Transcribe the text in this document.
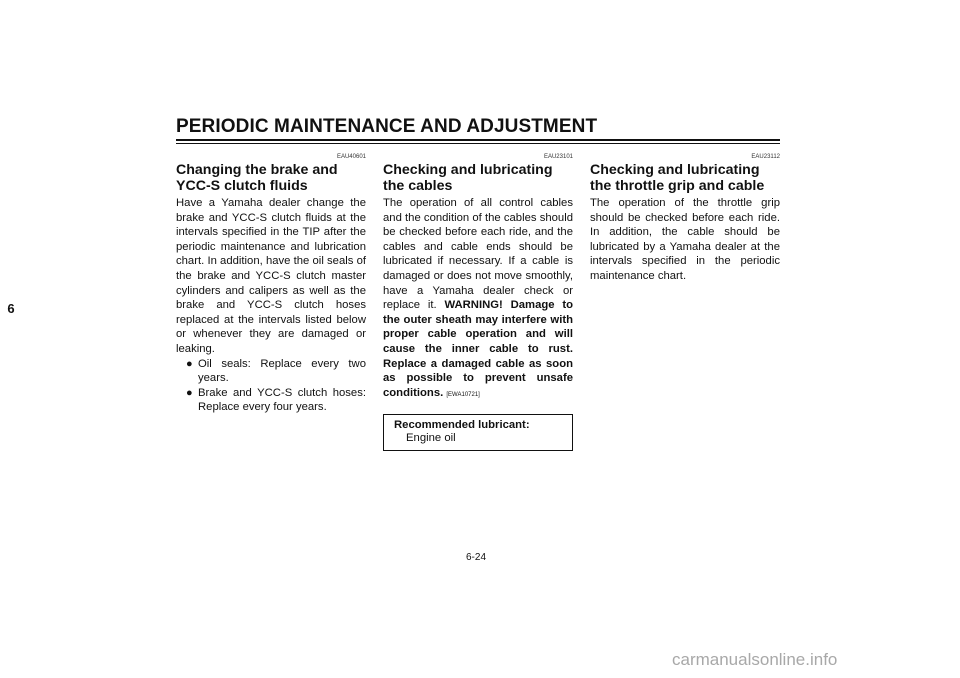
PERIODIC MAINTENANCE AND ADJUSTMENT
6
EAU40601
Changing the brake and YCC-S clutch fluids

Have a Yamaha dealer change the brake and YCC-S clutch fluids at the intervals specified in the TIP after the periodic maintenance and lubrication chart. In addition, have the oil seals of the brake and YCC-S clutch master cylinders and calipers as well as the brake and YCC-S clutch hoses replaced at the intervals listed below or whenever they are damaged or leaking.

● Oil seals: Replace every two years.
● Brake and YCC-S clutch hoses: Replace every four years.
EAU23101
Checking and lubricating the cables

The operation of all control cables and the condition of the cables should be checked before each ride, and the cables and cable ends should be lubricated if necessary. If a cable is damaged or does not move smoothly, have a Yamaha dealer check or replace it. WARNING! Damage to the outer sheath may interfere with proper cable operation and will cause the inner cable to rust. Replace a damaged cable as soon as possible to prevent unsafe conditions. [EWA10721]

Recommended lubricant:
Engine oil
EAU23112
Checking and lubricating the throttle grip and cable

The operation of the throttle grip should be checked before each ride. In addition, the cable should be lubricated by a Yamaha dealer at the intervals specified in the periodic maintenance chart.

6-24
carmanualsonline.info
